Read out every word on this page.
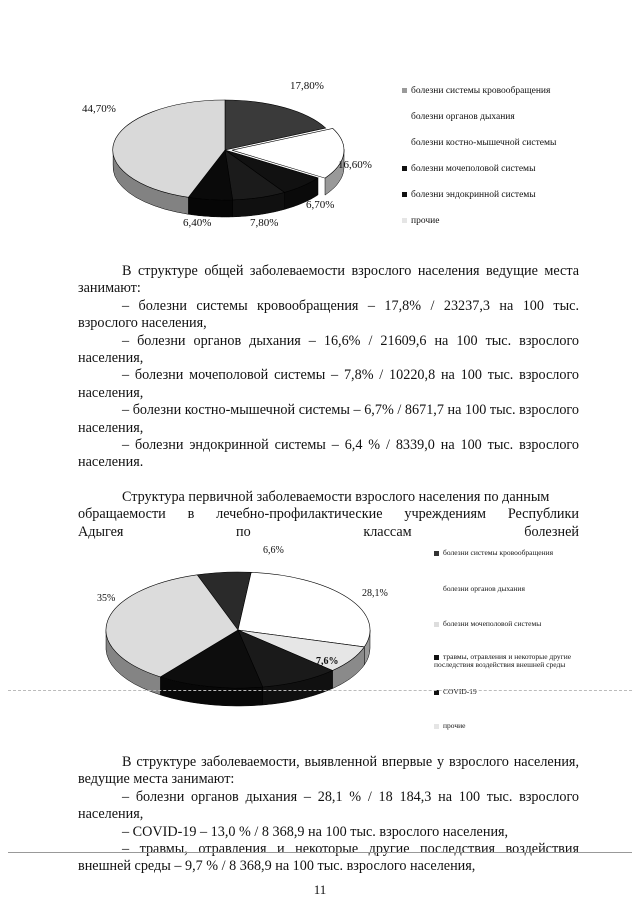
44,70%
17,80%
16,60%
6,70%
7,80%
6,40%
болезни системы кровообращения
болезни органов дыхания
болезни костно-мышечной системы
болезни мочеполовой системы
болезни эндокринной системы
прочие

В структуре общей заболеваемости взрослого населения ведущие места занимают:

– болезни системы кровообращения – 17,8% / 23237,3 на 100 тыс. взрослого населения,

– болезни органов дыхания – 16,6% / 21609,6 на 100 тыс. взрослого населения,

– болезни мочеполовой системы – 7,8% / 10220,8 на 100 тыс. взрослого населения,

– болезни костно-мышечной системы – 6,7% / 8671,7 на 100 тыс. взрослого населения,

– болезни эндокринной системы – 6,4 % / 8339,0 на 100 тыс. взрослого населения.

Структура первичной заболеваемости взрослого населения по данным

обращаемости в лечебно-профилактические учреждениям Республики

Адыгея по классам болезней

6,6%
28,1%
7,6%
35%
болезни системы кровообращения
болезни органов дыхания
болезни мочеполовой системы
травмы, отравления и некоторые другие последствия воздействия внешней среды
COVID-19
прочие

В структуре заболеваемости, выявленной впервые у взрослого населения, ведущие места занимают:

– болезни органов дыхания – 28,1 % / 18 184,3 на 100 тыс. взрослого населения,

– COVID-19 – 13,0 % / 8 368,9 на 100 тыс. взрослого населения,

– травмы, отравления и некоторые другие последствия воздействия внешней среды – 9,7 % / 8 368,9 на 100 тыс. взрослого населения,

11
